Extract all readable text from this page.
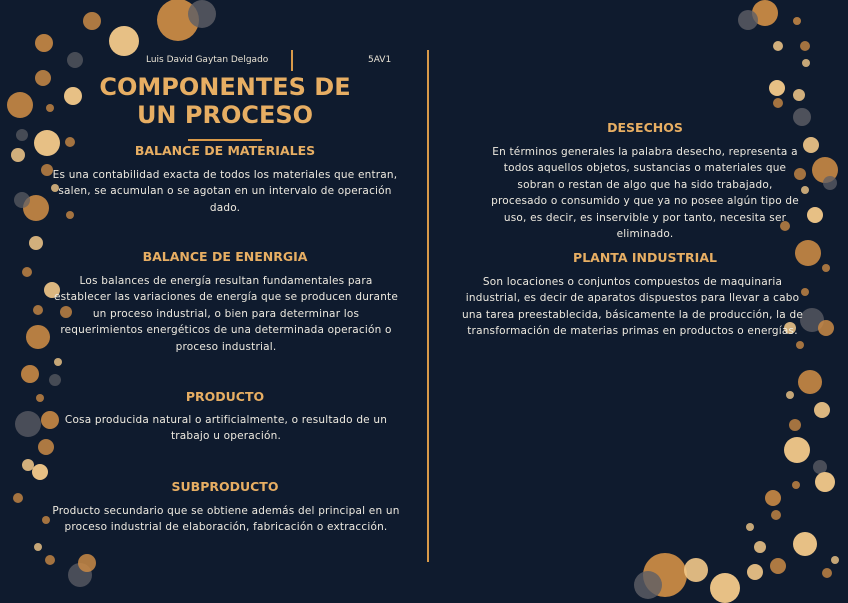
Luis David Gaytan Delgado	5AV1
COMPONENTES DE UN PROCESO
BALANCE DE MATERIALES
Es una contabilidad exacta de todos los materiales que entran, salen, se acumulan o se agotan en un intervalo de operación dado.
BALANCE DE ENENRGIA
Los balances de energía resultan fundamentales para establecer las variaciones de energía que se producen durante un proceso industrial, o bien para determinar los requerimientos energéticos de una determinada operación o proceso industrial.
PRODUCTO
Cosa producida natural o artificialmente, o resultado de un trabajo u operación.
SUBPRODUCTO
Producto secundario que se obtiene además del principal en un proceso industrial de elaboración, fabricación o extracción.
DESECHOS
En términos generales la palabra desecho, representa a todos aquellos objetos, sustancias o materiales que sobran o restan de algo que ha sido trabajado, procesado o consumido y que ya no posee algún tipo de uso, es decir, es inservible y por tanto, necesita ser eliminado.
PLANTA INDUSTRIAL
Son locaciones o conjuntos compuestos de maquinaria industrial, es decir de aparatos dispuestos para llevar a cabo una tarea preestablecida, básicamente la de producción, la de transformación de materias primas en productos o energías.
